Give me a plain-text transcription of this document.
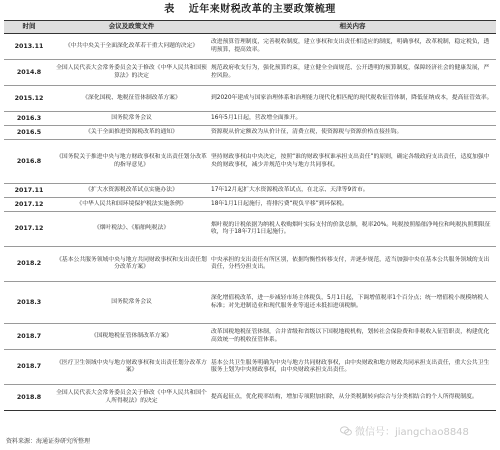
表 近年来财税改革的主要政策梳理
时间	会议及政策文件	相关内容
2013.11	《中共中央关于全面深化改革若干重大问题的决定》	改进预算管理制度，完善税收制度，建立事权和支出责任相适应的制度，明确事权，改革税制，稳定税负，透明预算，提高效率。
2014.8	全国人民代表大会常务委员会关于修改《中华人民共和国预算法》的决定	规范政府收支行为，强化预算约束，建立健全全面规范、公开透明的预算制度，保障经济社会的健康发展，严控风险。
2015.12	《深化国税、地税征管体制改革方案》	到2020年建成与国家治理体系和治理能力现代化相匹配的现代税收征管体制，降低征纳成本，提高征管效率。
2016.3	国务院常务会议	16年5月1日起，营改增全面推开。
2016.5	《关于全面推进资源税改革的通知》	资源税从价定额改为从价计征，清费立税，使资源税与资源价格直接挂钩。
2016.8	《国务院关于推进中央与地方财政事权和支出责任划分改革的指导意见》	坚持财政事权由中央决定，按照“谁的财政事权谁承担支出责任”的原则，确定各级政府支出责任，适度加强中央的财政事权，减少并规范中央与地方共同事权。
2017.11	《扩大水资源税改革试点实施办法》	17年12月起扩大水资源税改革试点，在北京、天津等9省市。
2017.12	《中华人民共和国环境保护税法实施条例》	18年1月1日起施行，将排污费“税负平移”到环保税。
2017.12	《烟叶税法》、《船舶吨税法》	烟叶税的计税依据为纳税人收购烟叶实际支付的价款总额，税率20%。吨税按照船舶净吨位和吨税执照期限征收，均于18年7月1日起施行。
2018.2	《基本公共服务领域中央与地方共同财政事权和支出责任划分改革方案》	中央承担的支出责任有所区别，依据均衡性转移支付，并逐步规范，适当加强中央在基本公共服务领域的支出责任，分档分担支出。
2018.3	国务院常务会议	深化增值税改革，进一步减轻市场主体税负，5月1日起，下调增值税率1个百分点；统一增值税小规模纳税人标准；对先进制造业和现代服务业等退还未抵扣进项税额。
2018.7	《国税地税征管体制改革方案》	改革国税地税征管体制，合并省级和省级以下国税地税机构，划转社会保险费和非税收入征管职责，构建优化高效统一的税收征管体系。
2018.7	《医疗卫生领域中央与地方财政事权和支出责任划分改革方案》	基本公共卫生服务明确为中央与地方共同财政事权，由中央财政和地方财政共同承担支出责任，重大公共卫生服务上划为中央财政事权，由中央财政承担支出责任。
2018.8	全国人民代表大会常务委员会关于修改《中华人民共和国个人所得税法》的决定	提高起征点，优化税率结构，增加专项附加扣除，从分类税制转向综合与分类相结合的个人所得税制度。
微信号：jiangchao8848
资料来源：海通证券研究所整理
